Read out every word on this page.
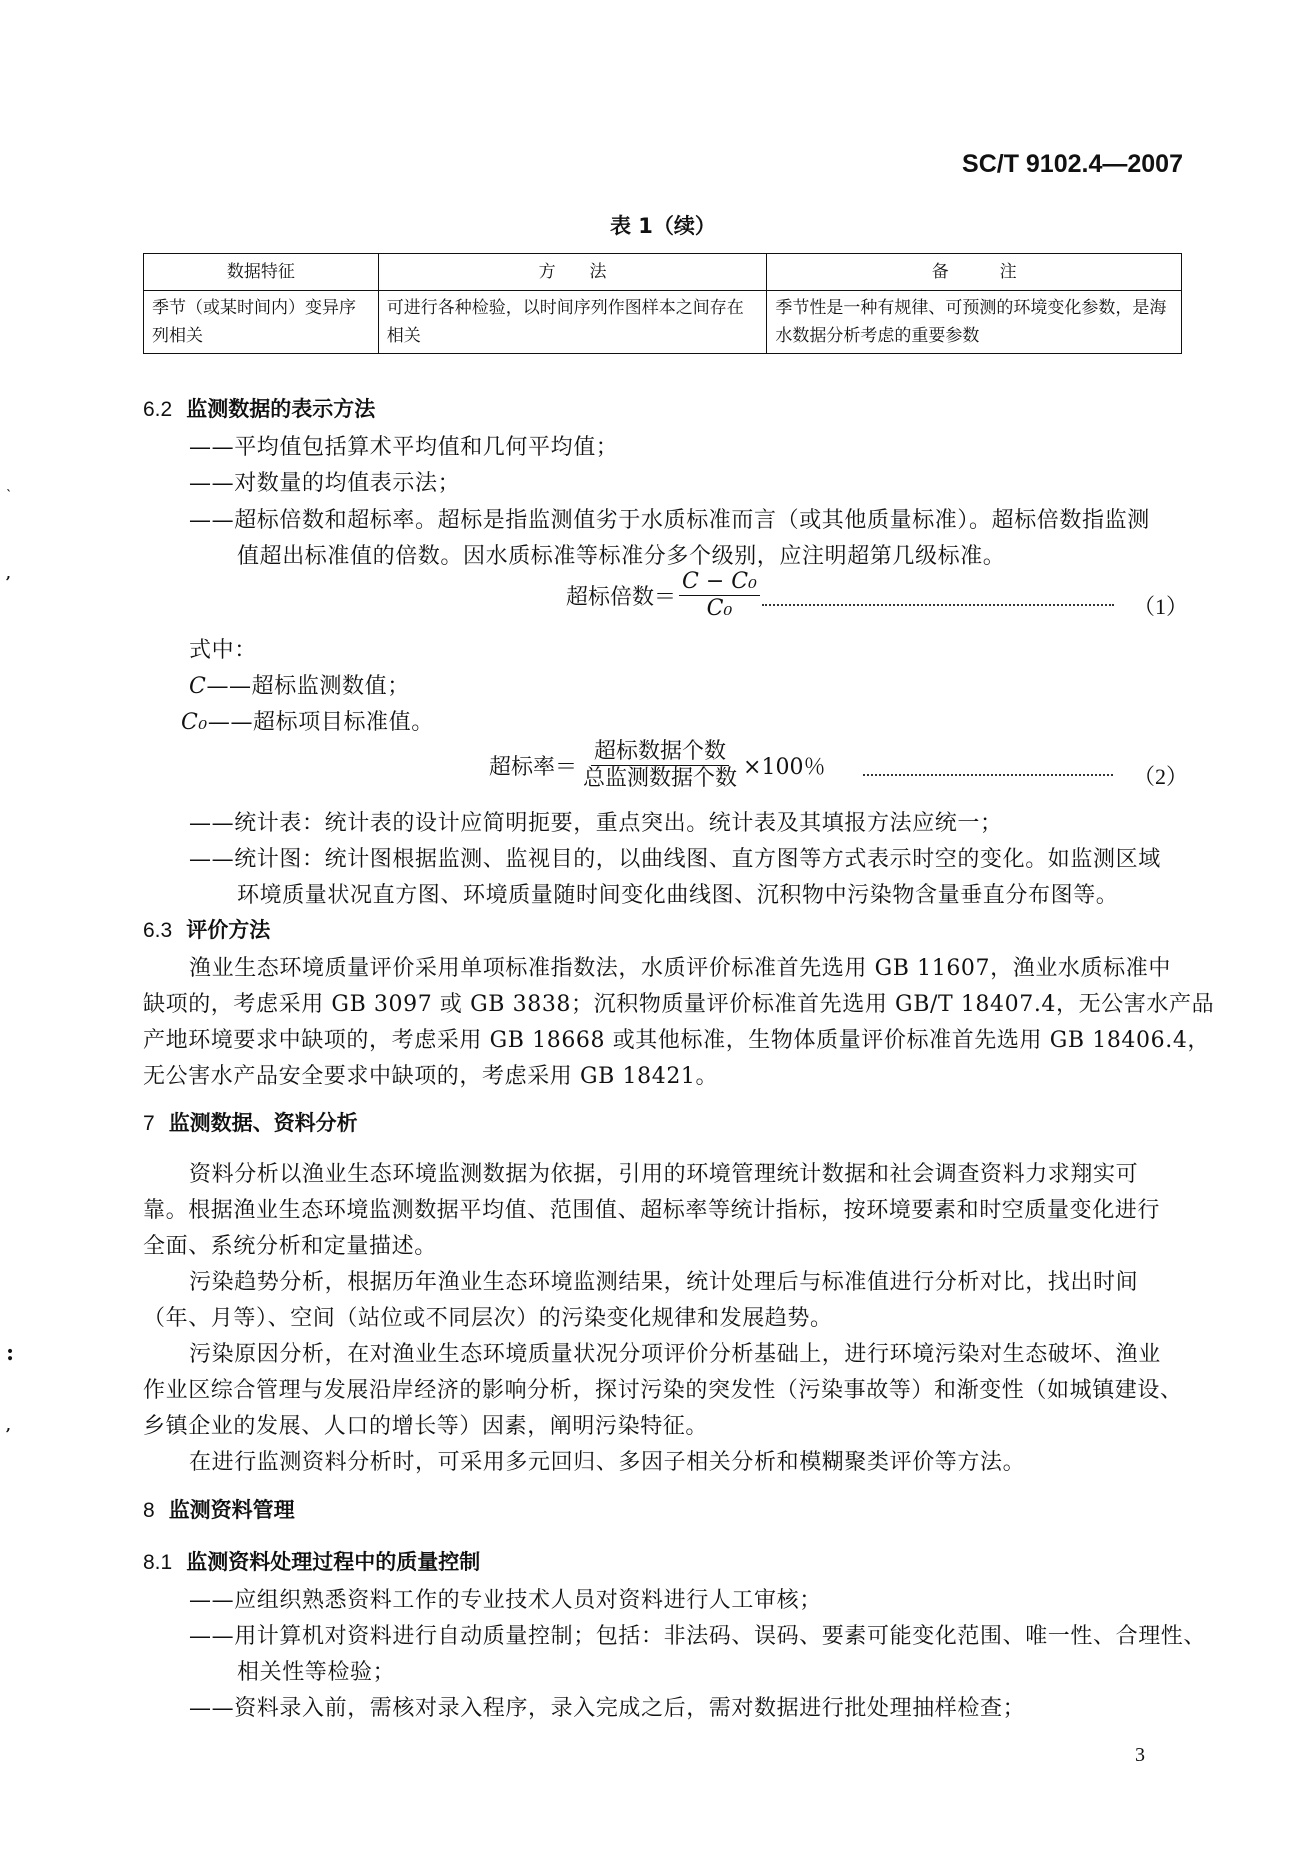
SC/T 9102.4—2007
表 1（续）
数据特征	方　　法	备　　　注
季节（或某时间内）变异序列相关	可进行各种检验，以时间序列作图样本之间存在相关	季节性是一种有规律、可预测的环境变化参数，是海水数据分析考虑的重要参数
6.2 监测数据的表示方法
——平均值包括算术平均值和几何平均值；
——对数量的均值表示法；
——超标倍数和超标率。超标是指监测值劣于水质标准而言（或其他质量标准）。超标倍数指监测
值超出标准值的倍数。因水质标准等标准分多个级别，应注明超第几级标准。
超标倍数＝ $\frac{\text{C − C₀}}{\text{C₀}}$	（1）
式中：
C——超标监测数值；
C₀——超标项目标准值。
超标率＝ $\frac{\text{超标数据个数}}{\text{总监测数据个数}} \times 100$％	（2）
——统计表：统计表的设计应简明扼要，重点突出。统计表及其填报方法应统一；
——统计图：统计图根据监测、监视目的，以曲线图、直方图等方式表示时空的变化。如监测区域
环境质量状况直方图、环境质量随时间变化曲线图、沉积物中污染物含量垂直分布图等。
6.3 评价方法
渔业生态环境质量评价采用单项标准指数法，水质评价标准首先选用 GB 11607，渔业水质标准中
缺项的，考虑采用 GB 3097 或 GB 3838；沉积物质量评价标准首先选用 GB/T 18407.4，无公害水产品
产地环境要求中缺项的，考虑采用 GB 18668 或其他标准，生物体质量评价标准首先选用 GB 18406.4，
无公害水产品安全要求中缺项的，考虑采用 GB 18421。
7 监测数据、资料分析
资料分析以渔业生态环境监测数据为依据，引用的环境管理统计数据和社会调查资料力求翔实可
靠。根据渔业生态环境监测数据平均值、范围值、超标率等统计指标，按环境要素和时空质量变化进行
全面、系统分析和定量描述。
污染趋势分析，根据历年渔业生态环境监测结果，统计处理后与标准值进行分析对比，找出时间
（年、月等）、空间（站位或不同层次）的污染变化规律和发展趋势。
污染原因分析，在对渔业生态环境质量状况分项评价分析基础上，进行环境污染对生态破坏、渔业
作业区综合管理与发展沿岸经济的影响分析，探讨污染的突发性（污染事故等）和渐变性（如城镇建设、
乡镇企业的发展、人口的增长等）因素，阐明污染特征。
在进行监测资料分析时，可采用多元回归、多因子相关分析和模糊聚类评价等方法。
8 监测资料管理
8.1 监测资料处理过程中的质量控制
——应组织熟悉资料工作的专业技术人员对资料进行人工审核；
——用计算机对资料进行自动质量控制；包括：非法码、误码、要素可能变化范围、唯一性、合理性、
相关性等检验；
——资料录入前，需核对录入程序，录入完成之后，需对数据进行批处理抽样检查；
3
ˋ
,
:
,
